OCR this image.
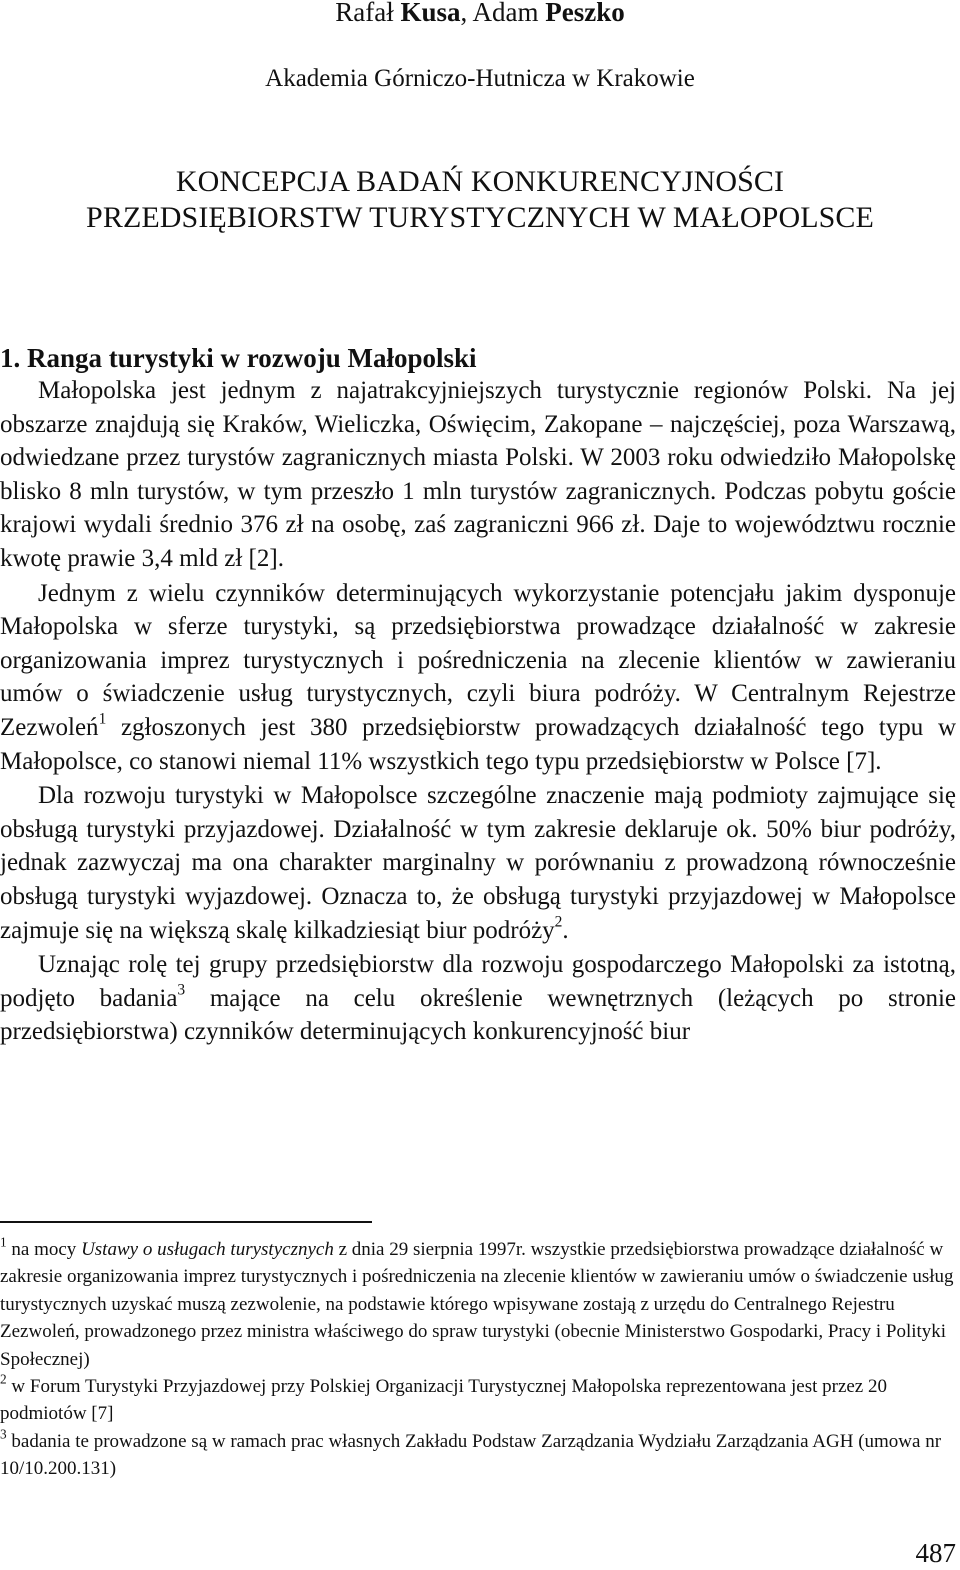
Rafał Kusa, Adam Peszko
Akademia Górniczo-Hutnicza w Krakowie
KONCEPCJA BADAŃ KONKURENCYJNOŚCI
PRZEDSIĘBIORSTW TURYSTYCZNYCH W MAŁOPOLSCE
1. Ranga turystyki w rozwoju Małopolski

Małopolska jest jednym z najatrakcyjniejszych turystycznie regionów Polski. Na jej obszarze znajdują się Kraków, Wieliczka, Oświęcim, Zakopane – najczęściej, poza Warszawą, odwiedzane przez turystów zagranicznych miasta Polski. W 2003 roku odwiedziło Małopolskę blisko 8 mln turystów, w tym przeszło 1 mln turystów zagranicznych. Podczas pobytu goście krajowi wydali średnio 376 zł na osobę, zaś zagraniczni 966 zł. Daje to województwu rocznie kwotę prawie 3,4 mld zł [2].

Jednym z wielu czynników determinujących wykorzystanie potencjału jakim dysponuje Małopolska w sferze turystyki, są przedsiębiorstwa prowadzące działalność w zakresie organizowania imprez turystycznych i pośredniczenia na zlecenie klientów w zawieraniu umów o świadczenie usług turystycznych, czyli biura podróży. W Centralnym Rejestrze Zezwoleń$^1$ zgłoszonych jest 380 przedsiębiorstw prowadzących działalność tego typu w Małopolsce, co stanowi niemal 11% wszystkich tego typu przedsiębiorstw w Polsce [7].

Dla rozwoju turystyki w Małopolsce szczególne znaczenie mają podmioty zajmujące się obsługą turystyki przyjazdowej. Działalność w tym zakresie deklaruje ok. 50% biur podróży, jednak zazwyczaj ma ona charakter marginalny w porównaniu z prowadzoną równocześnie obsługą turystyki wyjazdowej. Oznacza to, że obsługą turystyki przyjazdowej w Małopolsce zajmuje się na większą skalę kilkadziesiąt biur podróży$^2$.

Uznając rolę tej grupy przedsiębiorstw dla rozwoju gospodarczego Małopolski za istotną, podjęto badania$^3$ mające na celu określenie wewnętrznych (leżących po stronie przedsiębiorstwa) czynników determinujących konkurencyjność biur

$^1$ na mocy Ustawy o usługach turystycznych z dnia 29 sierpnia 1997r. wszystkie przedsiębiorstwa prowadzące działalność w zakresie organizowania imprez turystycznych i pośredniczenia na zlecenie klientów w zawieraniu umów o świadczenie usług turystycznych uzyskać muszą zezwolenie, na podstawie którego wpisywane zostają z urzędu do Centralnego Rejestru Zezwoleń, prowadzonego przez ministra właściwego do spraw turystyki (obecnie Ministerstwo Gospodarki, Pracy i Polityki Społecznej)

$^2$ w Forum Turystyki Przyjazdowej przy Polskiej Organizacji Turystycznej Małopolska reprezentowana jest przez 20 podmiotów [7]

$^3$ badania te prowadzone są w ramach prac własnych Zakładu Podstaw Zarządzania Wydziału Zarządzania AGH (umowa nr 10/10.200.131)

487
